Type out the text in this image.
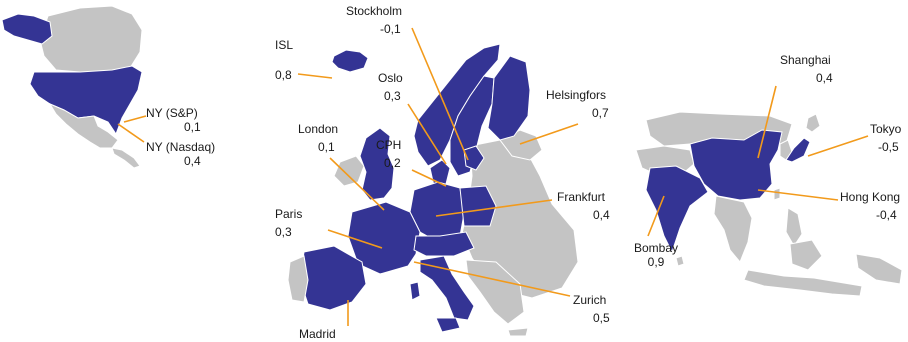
NY (S&P)
0,1
NY (Nasdaq)
0,4
ISL
0,8
Stockholm
-0,1
Oslo
0,3	Helsingfors
0,7
London
0,1	CPH
0,2
Frankfurt
0,4
Paris
0,3
Zurich
0,5
Madrid
Shanghai
0,4
Tokyo
-0,5
Hong Kong
-0,4
Bombay
0,9
